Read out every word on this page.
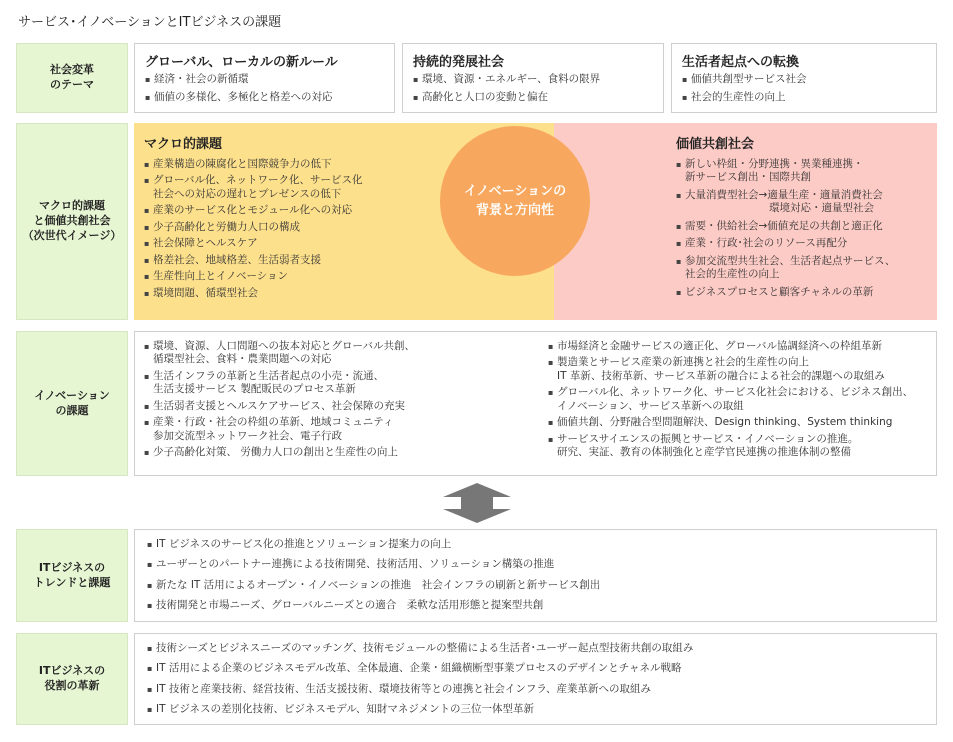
サービス･イノベーションとITビジネスの課題
社会変革
のテーマ
グローバル、ローカルの新ルール
▪ 経済・社会の新循環
▪ 価値の多様化、多極化と格差への対応
持続的発展社会
▪ 環境、資源・エネルギー、食料の限界
▪ 高齢化と人口の変動と偏在
生活者起点への転換
▪ 価値共創型サービス社会
▪ 社会的生産性の向上
マクロ的課題
と価値共創社会
（次世代イメージ）
マクロ的課題
▪ 産業構造の陳腐化と国際競争力の低下
▪ グローバル化、ネットワーク化、サービス化
社会への対応の遅れとプレゼンスの低下
▪ 産業のサービス化とモジュール化への対応
▪ 少子高齢化と労働力人口の構成
▪ 社会保障とヘルスケア
▪ 格差社会、地域格差、生活弱者支援
▪ 生産性向上とイノベーション
▪ 環境問題、循環型社会
価値共創社会
▪ 新しい枠組・分野連携・異業種連携・
新サービス創出・国際共創
▪ 大量消費型社会→適量生産・適量消費社会
　　　　　　　　環境対応・適量型社会
▪ 需要・供給社会→価値充足の共創と適正化
▪ 産業・行政･社会のリソース再配分
▪ 参加交流型共生社会、生活者起点サービス、
社会的生産性の向上
▪ ビジネスプロセスと顧客チャネルの革新
イノベーションの
背景と方向性
イノベーション
の課題
▪ 環境、資源、人口問題への抜本対応とグローバル共創、
循環型社会、食料・農業問題への対応
▪ 生活インフラの革新と生活者起点の小売・流通、
生活支援サービス 製配販民のプロセス革新
▪ 生活弱者支援とヘルスケアサービス、社会保障の充実
▪ 産業・行政・社会の枠組の革新、地域コミュニティ
参加交流型ネットワーク社会、電子行政
▪ 少子高齢化対策、 労働力人口の創出と生産性の向上
▪ 市場経済と金融サービスの適正化、グローバル協調経済への枠組革新
▪ 製造業とサービス産業の新連携と社会的生産性の向上
IT 革新、技術革新、サービス革新の融合による社会的課題への取組み
▪ グローバル化、ネットワーク化、サービス化社会における、ビジネス創出、
イノベーション、サービス革新への取組
▪ 価値共創、分野融合型問題解決、Design thinking、System thinking
▪ サービスサイエンスの振興とサービス・イノベーションの推進。
研究、実証、教育の体制強化と産学官民連携の推進体制の整備
ITビジネスの
トレンドと課題
▪ IT ビジネスのサービス化の推進とソリューション提案力の向上
▪ ユーザーとのパートナー連携による技術開発、技術活用、ソリューション構築の推進
▪ 新たな IT 活用によるオープン・イノベーションの推進　社会インフラの刷新と新サービス創出
▪ 技術開発と市場ニーズ、グローバルニーズとの適合　柔軟な活用形態と提案型共創
ITビジネスの
役割の革新
▪ 技術シーズとビジネスニーズのマッチング、技術モジュールの整備による生活者･ユーザー起点型技術共創の取組み
▪ IT 活用による企業のビジネスモデル改革、全体最適、企業・組織横断型事業プロセスのデザインとチャネル戦略
▪ IT 技術と産業技術、経営技術、生活支援技術、環境技術等との連携と社会インフラ、産業革新への取組み
▪ IT ビジネスの差別化技術、ビジネスモデル、知財マネジメントの三位一体型革新
